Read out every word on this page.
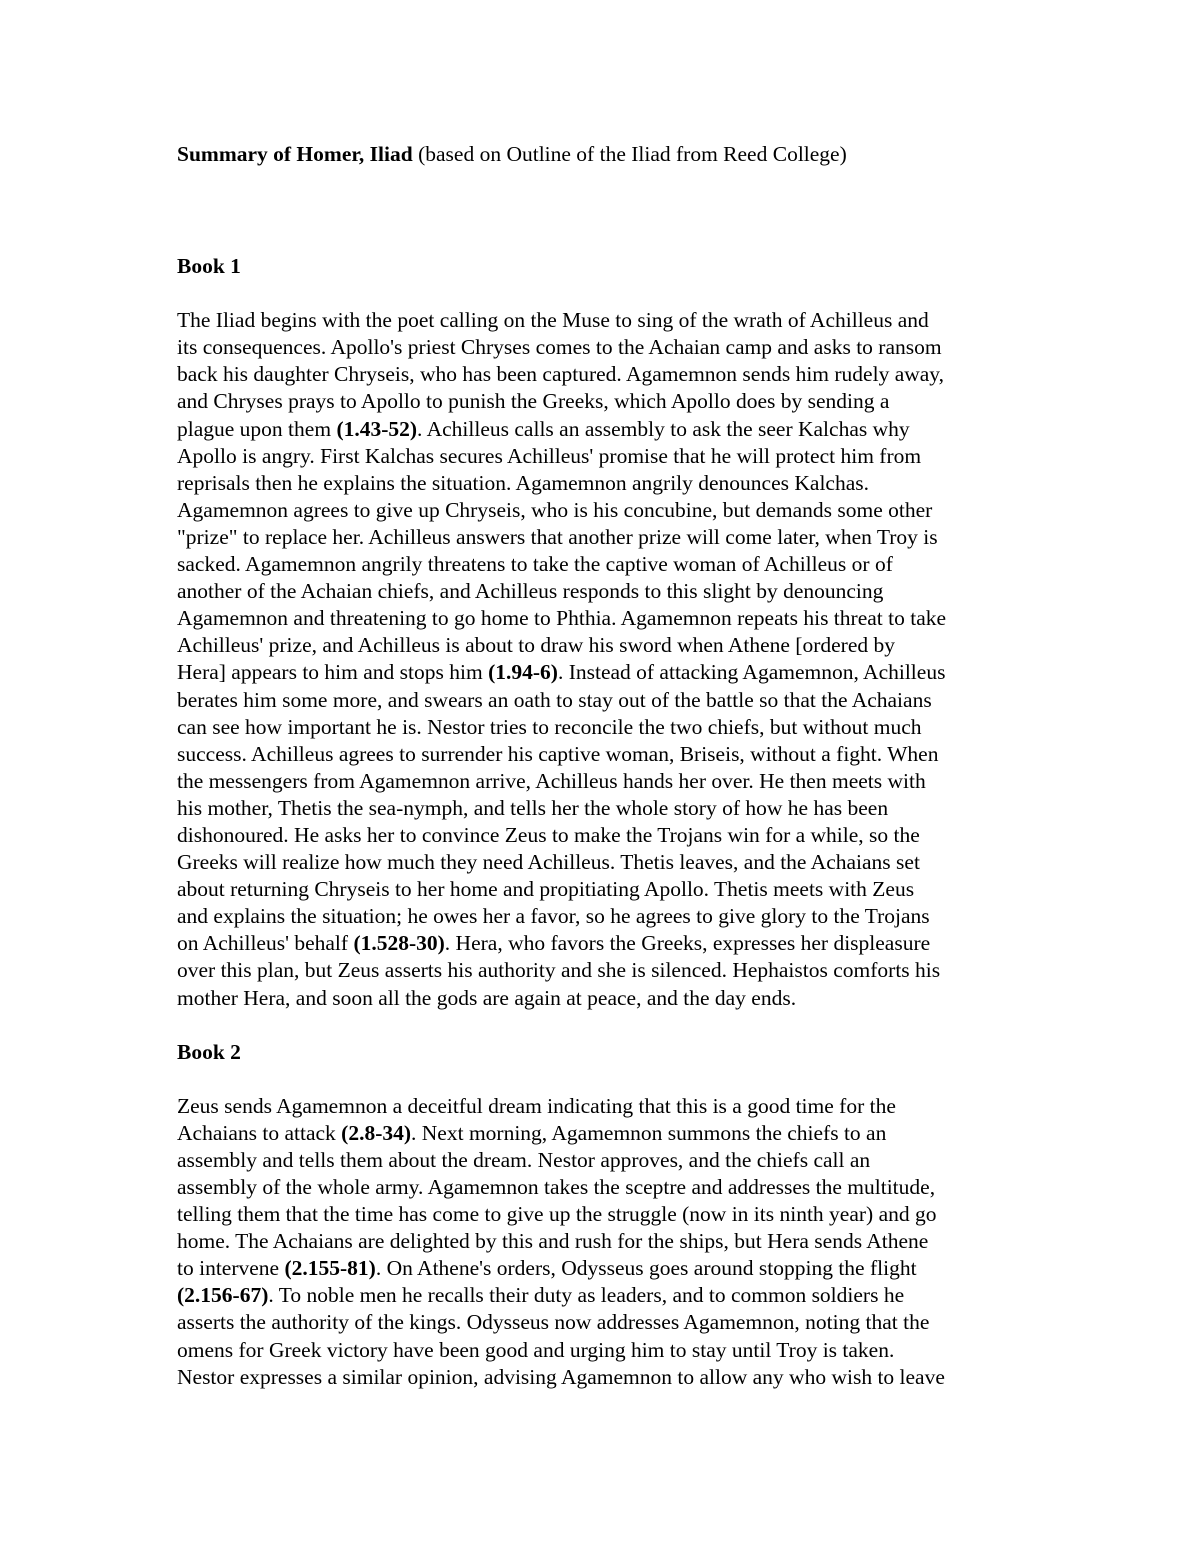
Summary of Homer, Iliad (based on Outline of the Iliad from Reed College)

Book 1

The Iliad begins with the poet calling on the Muse to sing of the wrath of Achilleus and
its consequences. Apollo's priest Chryses comes to the Achaian camp and asks to ransom
back his daughter Chryseis, who has been captured. Agamemnon sends him rudely away,
and Chryses prays to Apollo to punish the Greeks, which Apollo does by sending a
plague upon them (1.43-52). Achilleus calls an assembly to ask the seer Kalchas why
Apollo is angry. First Kalchas secures Achilleus' promise that he will protect him from
reprisals then he explains the situation. Agamemnon angrily denounces Kalchas.
Agamemnon agrees to give up Chryseis, who is his concubine, but demands some other
"prize" to replace her. Achilleus answers that another prize will come later, when Troy is
sacked. Agamemnon angrily threatens to take the captive woman of Achilleus or of
another of the Achaian chiefs, and Achilleus responds to this slight by denouncing
Agamemnon and threatening to go home to Phthia. Agamemnon repeats his threat to take
Achilleus' prize, and Achilleus is about to draw his sword when Athene [ordered by
Hera] appears to him and stops him (1.94-6). Instead of attacking Agamemnon, Achilleus
berates him some more, and swears an oath to stay out of the battle so that the Achaians
can see how important he is. Nestor tries to reconcile the two chiefs, but without much
success. Achilleus agrees to surrender his captive woman, Briseis, without a fight. When
the messengers from Agamemnon arrive, Achilleus hands her over. He then meets with
his mother, Thetis the sea-nymph, and tells her the whole story of how he has been
dishonoured. He asks her to convince Zeus to make the Trojans win for a while, so the
Greeks will realize how much they need Achilleus. Thetis leaves, and the Achaians set
about returning Chryseis to her home and propitiating Apollo. Thetis meets with Zeus
and explains the situation; he owes her a favor, so he agrees to give glory to the Trojans
on Achilleus' behalf (1.528-30). Hera, who favors the Greeks, expresses her displeasure
over this plan, but Zeus asserts his authority and she is silenced. Hephaistos comforts his
mother Hera, and soon all the gods are again at peace, and the day ends.

Book 2

Zeus sends Agamemnon a deceitful dream indicating that this is a good time for the
Achaians to attack (2.8-34). Next morning, Agamemnon summons the chiefs to an
assembly and tells them about the dream. Nestor approves, and the chiefs call an
assembly of the whole army. Agamemnon takes the sceptre and addresses the multitude,
telling them that the time has come to give up the struggle (now in its ninth year) and go
home. The Achaians are delighted by this and rush for the ships, but Hera sends Athene
to intervene (2.155-81). On Athene's orders, Odysseus goes around stopping the flight
(2.156-67). To noble men he recalls their duty as leaders, and to common soldiers he
asserts the authority of the kings. Odysseus now addresses Agamemnon, noting that the
omens for Greek victory have been good and urging him to stay until Troy is taken.
Nestor expresses a similar opinion, advising Agamemnon to allow any who wish to leave
